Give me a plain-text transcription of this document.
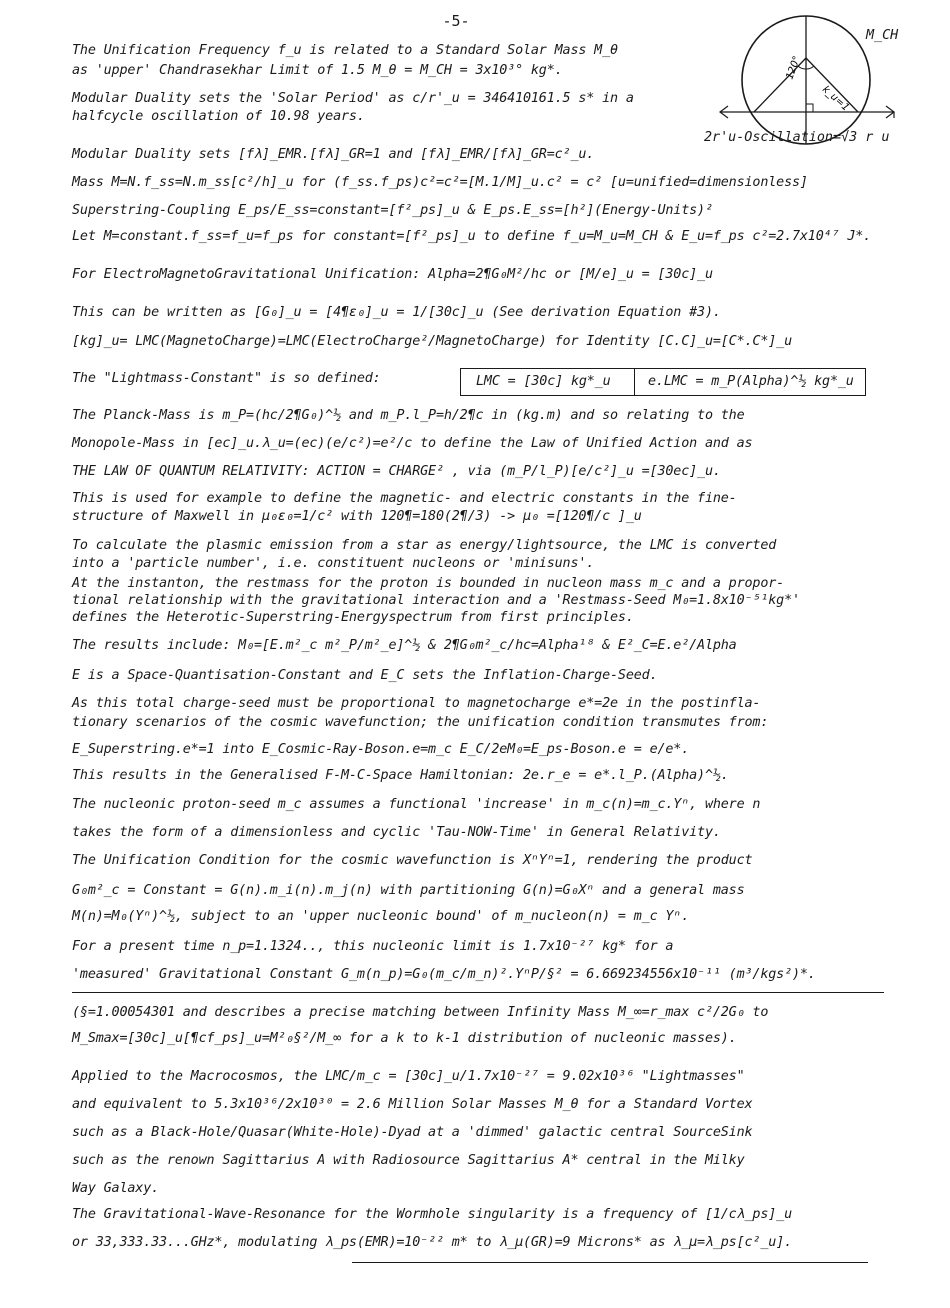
-5-
120°
k_u=1
M_CH
2r'u-Oscillation=√3 r u
The Unification Frequency f_u is related to a Standard Solar Mass M_θ
as 'upper' Chandrasekhar Limit of 1.5 M_θ = M_CH = 3x10³° kg*.
Modular Duality sets the 'Solar Period' as c/r'_u = 346410161.5 s* in a
halfcycle oscillation of 10.98 years.
Modular Duality sets [fλ]_EMR.[fλ]_GR=1 and [fλ]_EMR/[fλ]_GR=c²_u.
Mass M=N.f_ss=N.m_ss[c²/h]_u for (f_ss.f_ps)c²=c²=[M.1/M]_u.c² = c² [u=unified=dimensionless]
Superstring-Coupling E_ps/E_ss=constant=[f²_ps]_u & E_ps.E_ss=[h²](Energy-Units)²
Let M=constant.f_ss=f_u=f_ps for constant=[f²_ps]_u to define f_u=M_u=M_CH & E_u=f_ps c²=2.7x10⁴⁷ J*.
For ElectroMagnetoGravitational Unification: Alpha=2¶G₀M²/hc or [M/e]_u = [30c]_u
This can be written as [G₀]_u = [4¶ε₀]_u = 1/[30c]_u (See derivation Equation #3).
[kg]_u= LMC(MagnetoCharge)=LMC(ElectroCharge²/MagnetoCharge) for Identity [C.C]_u=[C*.C*]_u
The "Lightmass-Constant" is so defined:	LMC = [30c] kg*_u	e.LMC = m_P(Alpha)^½ kg*_u
The Planck-Mass is m_P=(hc/2¶G₀)^½ and m_P.l_P=h/2¶c in (kg.m) and so relating to the
Monopole-Mass in [ec]_u.λ_u=(ec)(e/c²)=e²/c to define the Law of Unified Action and as
THE LAW OF QUANTUM RELATIVITY: ACTION = CHARGE² , via (m_P/l_P)[e/c²]_u =[30ec]_u.
This is used for example to define the magnetic- and electric constants in the fine-
structure of Maxwell in μ₀ε₀=1/c² with 120¶=180(2¶/3) -> μ₀ =[120¶/c ]_u
To calculate the plasmic emission from a star as energy/lightsource, the LMC is converted
into a 'particle number', i.e. constituent nucleons or 'minisuns'.
At the instanton, the restmass for the proton is bounded in nucleon mass m_c and a propor-
tional relationship with the gravitational interaction and a 'Restmass-Seed M₀=1.8x10⁻⁵¹kg*'
defines the Heterotic-Superstring-Energyspectrum from first principles.
The results include: M₀=[E.m²_c m²_P/m²_e]^½ & 2¶G₀m²_c/hc=Alpha¹⁸ & E²_C=E.e²/Alpha
E is a Space-Quantisation-Constant and E_C sets the Inflation-Charge-Seed.
As this total charge-seed must be proportional to magnetocharge e*=2e in the postinfla-
tionary scenarios of the cosmic wavefunction; the unification condition transmutes from:
E_Superstring.e*=1 into E_Cosmic-Ray-Boson.e=m_c E_C/2eM₀=E_ps-Boson.e = e/e*.
This results in the Generalised F-M-C-Space Hamiltonian: 2e.r_e = e*.l_P.(Alpha)^½.
The nucleonic proton-seed m_c assumes a functional 'increase' in m_c(n)=m_c.Yⁿ, where n
takes the form of a dimensionless and cyclic 'Tau-NOW-Time' in General Relativity.
The Unification Condition for the cosmic wavefunction is XⁿYⁿ=1, rendering the product
G₀m²_c = Constant = G(n).m_i(n).m_j(n) with partitioning G(n)=G₀Xⁿ and a general mass
M(n)=M₀(Yⁿ)^½, subject to an 'upper nucleonic bound' of m_nucleon(n) = m_c Yⁿ.
For a present time n_p=1.1324.., this nucleonic limit is 1.7x10⁻²⁷ kg* for a
'measured' Gravitational Constant G_m(n_p)=G₀(m_c/m_n)².YⁿP/§² = 6.669234556x10⁻¹¹ (m³/kgs²)*.
(§=1.00054301 and describes a precise matching between Infinity Mass M_∞=r_max c²/2G₀ to
M_Smax=[30c]_u[¶cf_ps]_u=M²₀§²/M_∞ for a k to k-1 distribution of nucleonic masses).
Applied to the Macrocosmos, the LMC/m_c = [30c]_u/1.7x10⁻²⁷ = 9.02x10³⁶ "Lightmasses"
and equivalent to 5.3x10³⁶/2x10³⁰ = 2.6 Million Solar Masses M_θ for a Standard Vortex
such as a Black-Hole/Quasar(White-Hole)-Dyad at a 'dimmed' galactic central SourceSink
such as the renown Sagittarius A with Radiosource Sagittarius A* central in the Milky
Way Galaxy.
The Gravitational-Wave-Resonance for the Wormhole singularity is a frequency of [1/cλ_ps]_u
or 33,333.33...GHz*, modulating λ_ps(EMR)=10⁻²² m* to λ_μ(GR)=9 Microns* as λ_μ=λ_ps[c²_u].
